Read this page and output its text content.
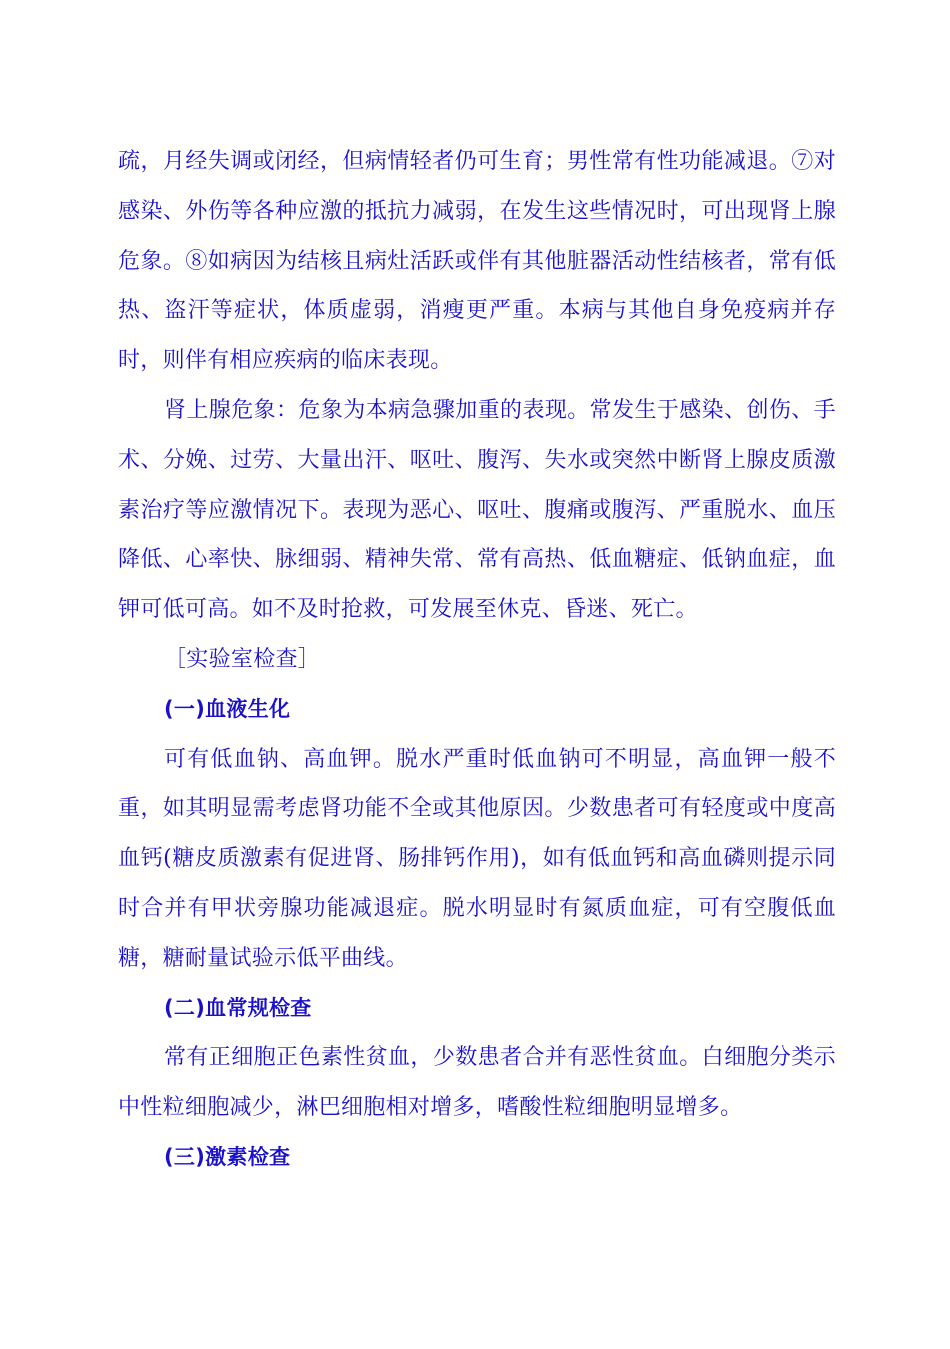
疏，月经失调或闭经，但病情轻者仍可生育；男性常有性功能减退。⑦对感染、外伤等各种应激的抵抗力减弱，在发生这些情况时，可出现肾上腺危象。⑧如病因为结核且病灶活跃或伴有其他脏器活动性结核者，常有低热、盗汗等症状，体质虚弱，消瘦更严重。本病与其他自身免疫病并存时，则伴有相应疾病的临床表现。

肾上腺危象：危象为本病急骤加重的表现。常发生于感染、创伤、手术、分娩、过劳、大量出汗、呕吐、腹泻、失水或突然中断肾上腺皮质激素治疗等应激情况下。表现为恶心、呕吐、腹痛或腹泻、严重脱水、血压降低、心率快、脉细弱、精神失常、常有高热、低血糖症、低钠血症，血钾可低可高。如不及时抢救，可发展至休克、昏迷、死亡。

［实验室检查］

(一)血液生化

可有低血钠、高血钾。脱水严重时低血钠可不明显，高血钾一般不重，如其明显需考虑肾功能不全或其他原因。少数患者可有轻度或中度高血钙(糖皮质激素有促进肾、肠排钙作用)，如有低血钙和高血磷则提示同时合并有甲状旁腺功能减退症。脱水明显时有氮质血症，可有空腹低血糖，糖耐量试验示低平曲线。

(二)血常规检查

常有正细胞正色素性贫血，少数患者合并有恶性贫血。白细胞分类示中性粒细胞减少，淋巴细胞相对增多，嗜酸性粒细胞明显增多。

(三)激素检查
